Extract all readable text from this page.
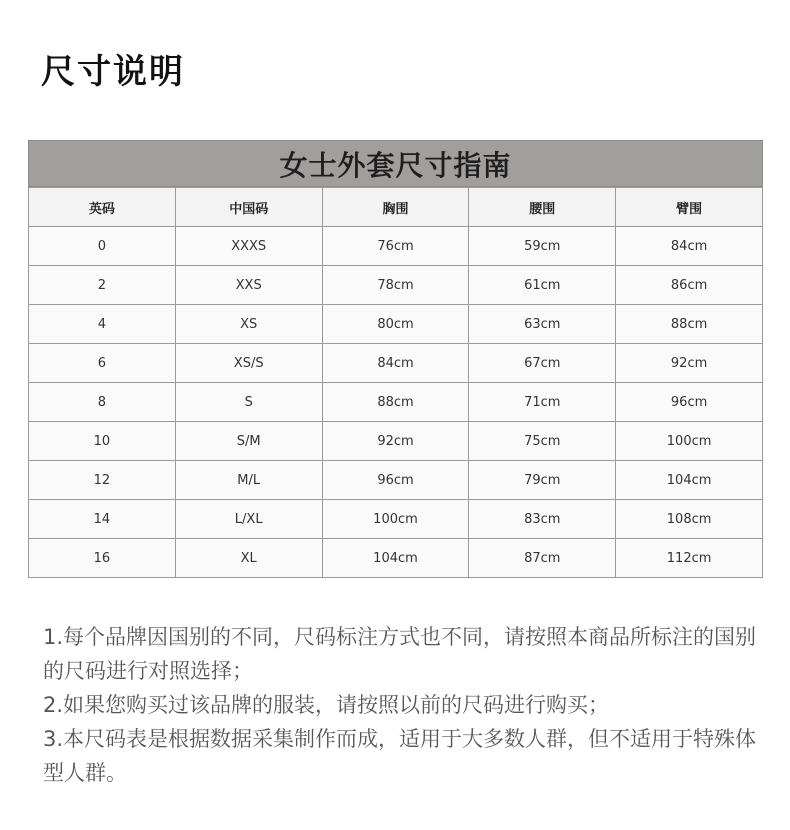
尺寸说明
女士外套尺寸指南
英码	中国码	胸围	腰围	臂围
0	XXXS	76cm	59cm	84cm
2	XXS	78cm	61cm	86cm
4	XS	80cm	63cm	88cm
6	XS/S	84cm	67cm	92cm
8	S	88cm	71cm	96cm
10	S/M	92cm	75cm	100cm
12	M/L	96cm	79cm	104cm
14	L/XL	100cm	83cm	108cm
16	XL	104cm	87cm	112cm

1.每个品牌因国别的不同，尺码标注方式也不同，请按照本商品所标注的国别的尺码进行对照选择；

2.如果您购买过该品牌的服装，请按照以前的尺码进行购买；

3.本尺码表是根据数据采集制作而成，适用于大多数人群，但不适用于特殊体型人群。
